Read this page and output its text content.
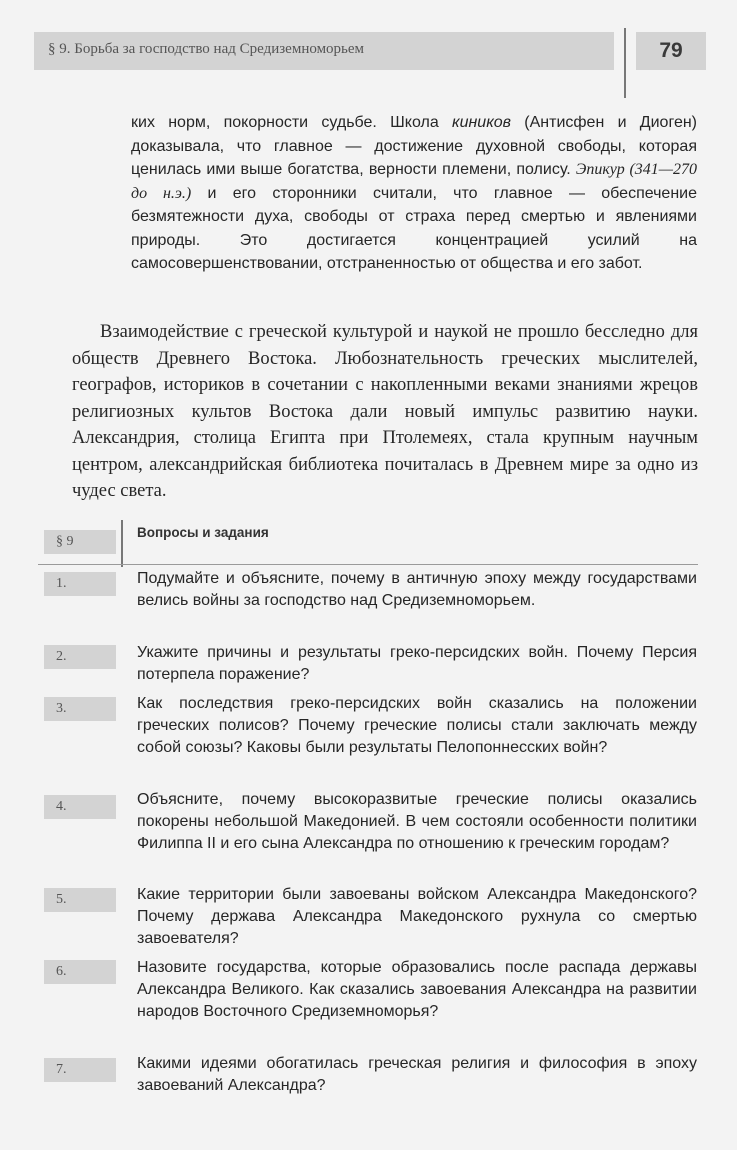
§ 9. Борьба за господство над Средиземноморьем	79
ких норм, покорности судьбе. Школа киников (Антисфен и Диоген) доказывала, что главное — достижение духовной свободы, которая ценилась ими выше богатства, верности племени, полису. Эпикур (341—270 до н.э.) и его сторонники считали, что главное — обеспечение безмятежности духа, свободы от страха перед смертью и явлениями природы. Это достигается концентрацией усилий на самосовершенствовании, отстраненностью от общества и его забот.
Взаимодействие с греческой культурой и наукой не прошло бесследно для обществ Древнего Востока. Любознательность греческих мыслителей, географов, историков в сочетании с накопленными веками знаниями жрецов религиозных культов Востока дали новый импульс развитию науки. Александрия, столица Египта при Птолемеях, стала крупным научным центром, александрийская библиотека почиталась в Древнем мире за одно из чудес света.
§ 9
Вопросы и задания
1.	Подумайте и объясните, почему в античную эпоху между государствами велись войны за господство над Средиземноморьем.
2.	Укажите причины и результаты греко-персидских войн. Почему Персия потерпела поражение?
3.	Как последствия греко-персидских войн сказались на положении греческих полисов? Почему греческие полисы стали заключать между собой союзы? Каковы были результаты Пелопоннесских войн?
4.	Объясните, почему высокоразвитые греческие полисы оказались покорены небольшой Македонией. В чем состояли особенности политики Филиппа II и его сына Александра по отношению к греческим городам?
5.	Какие территории были завоеваны войском Александра Македонского? Почему держава Александра Македонского рухнула со смертью завоевателя?
6.	Назовите государства, которые образовались после распада державы Александра Великого. Как сказались завоевания Александра на развитии народов Восточного Средиземноморья?
7.	Какими идеями обогатилась греческая религия и философия в эпоху завоеваний Александра?
